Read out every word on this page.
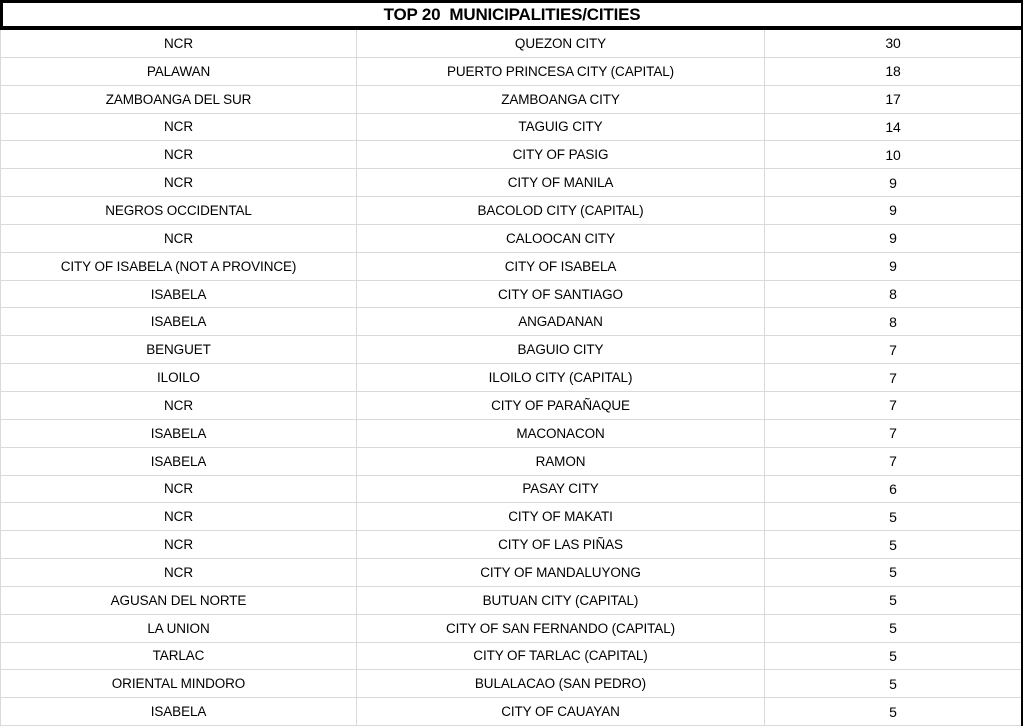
TOP 20  MUNICIPALITIES/CITIES
NCR	QUEZON CITY	30
PALAWAN	PUERTO PRINCESA CITY (CAPITAL)	18
ZAMBOANGA DEL SUR	ZAMBOANGA CITY	17
NCR	TAGUIG CITY	14
NCR	CITY OF PASIG	10
NCR	CITY OF MANILA	9
NEGROS OCCIDENTAL	BACOLOD CITY (CAPITAL)	9
NCR	CALOOCAN CITY	9
CITY OF ISABELA (NOT A PROVINCE)	CITY OF ISABELA	9
ISABELA	CITY OF SANTIAGO	8
ISABELA	ANGADANAN	8
BENGUET	BAGUIO CITY	7
ILOILO	ILOILO CITY (CAPITAL)	7
NCR	CITY OF PARAÑAQUE	7
ISABELA	MACONACON	7
ISABELA	RAMON	7
NCR	PASAY CITY	6
NCR	CITY OF MAKATI	5
NCR	CITY OF LAS PIÑAS	5
NCR	CITY OF MANDALUYONG	5
AGUSAN DEL NORTE	BUTUAN CITY (CAPITAL)	5
LA UNION	CITY OF SAN FERNANDO (CAPITAL)	5
TARLAC	CITY OF TARLAC (CAPITAL)	5
ORIENTAL MINDORO	BULALACAO (SAN PEDRO)	5
ISABELA	CITY OF CAUAYAN	5
